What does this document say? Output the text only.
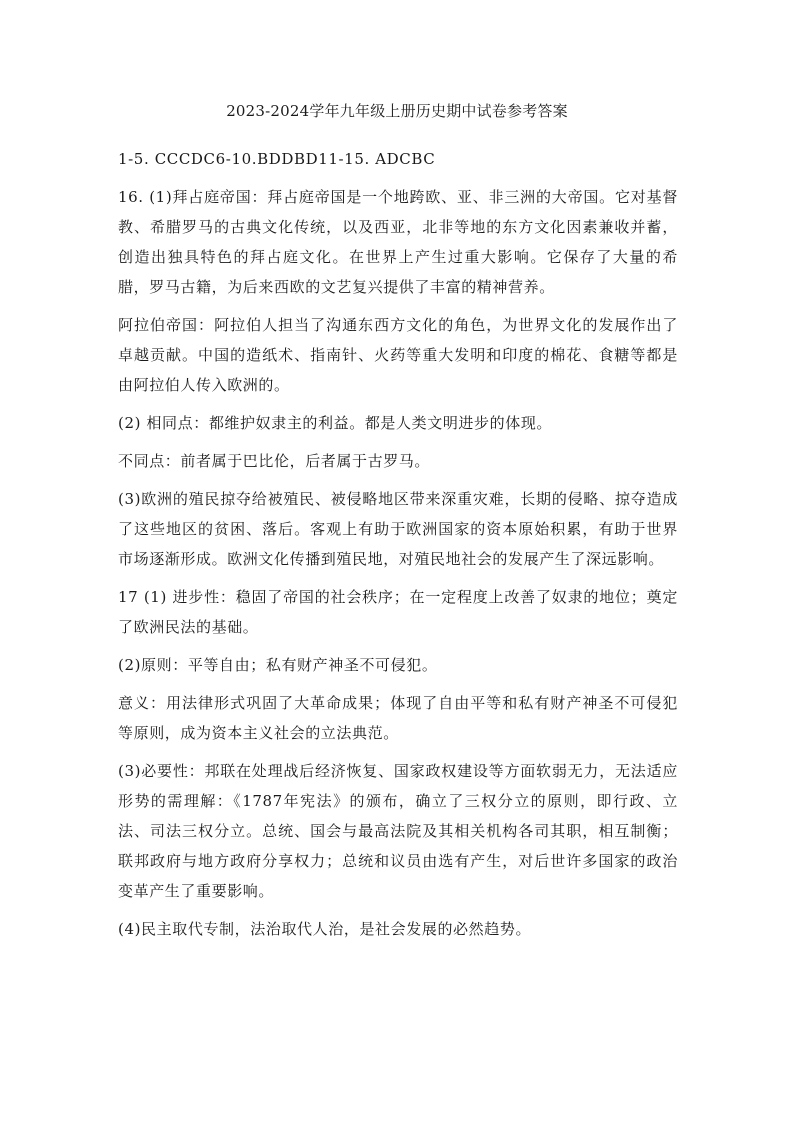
2023-2024学年九年级上册历史期中试卷参考答案

1-5. CCCDC6-10.BDDBD11-15. ADCBC

16. (1)拜占庭帝国：拜占庭帝国是一个地跨欧、亚、非三洲的大帝国。它对基督教、希腊罗马的古典文化传统，以及西亚，北非等地的东方文化因素兼收并蓄，创造出独具特色的拜占庭文化。在世界上产生过重大影响。它保存了大量的希腊，罗马古籍，为后来西欧的文艺复兴提供了丰富的精神营养。

阿拉伯帝国：阿拉伯人担当了沟通东西方文化的角色，为世界文化的发展作出了卓越贡献。中国的造纸术、指南针、火药等重大发明和印度的棉花、食糖等都是由阿拉伯人传入欧洲的。

(2) 相同点：都维护奴隶主的利益。都是人类文明进步的体现。

不同点：前者属于巴比伦，后者属于古罗马。

(3)欧洲的殖民掠夺给被殖民、被侵略地区带来深重灾难，长期的侵略、掠夺造成了这些地区的贫困、落后。客观上有助于欧洲国家的资本原始积累，有助于世界市场逐渐形成。欧洲文化传播到殖民地，对殖民地社会的发展产生了深远影响。

17 (1) 进步性：稳固了帝国的社会秩序；在一定程度上改善了奴隶的地位；奠定了欧洲民法的基础。

(2)原则：平等自由；私有财产神圣不可侵犯。

意义：用法律形式巩固了大革命成果；体现了自由平等和私有财产神圣不可侵犯等原则，成为资本主义社会的立法典范。

(3)必要性：邦联在处理战后经济恢复、国家政权建设等方面软弱无力，无法适应形势的需理解：《1787年宪法》的颁布，确立了三权分立的原则，即行政、立法、司法三权分立。总统、国会与最高法院及其相关机构各司其职，相互制衡；联邦政府与地方政府分享权力；总统和议员由选有产生，对后世许多国家的政治变革产生了重要影响。

(4)民主取代专制，法治取代人治，是社会发展的必然趋势。
